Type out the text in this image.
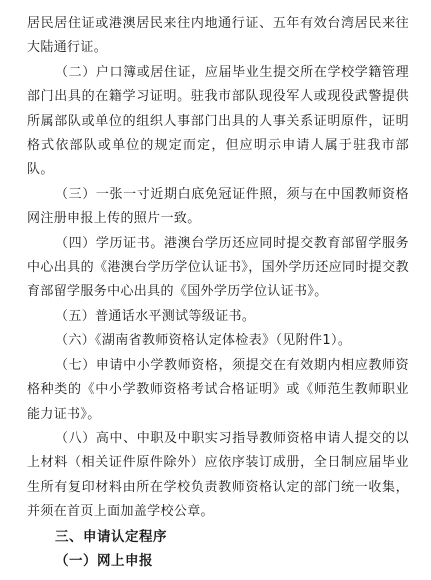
居民居住证或港澳居民来往内地通行证、五年有效台湾居民来往大陆通行证。

（二）户口簿或居住证，应届毕业生提交所在学校学籍管理部门出具的在籍学习证明。驻我市部队现役军人或现役武警提供所属部队或单位的组织人事部门出具的人事关系证明原件，证明格式依部队或单位的规定而定，但应明示申请人属于驻我市部队。

（三）一张一寸近期白底免冠证件照，须与在中国教师资格网注册申报上传的照片一致。

（四）学历证书。港澳台学历还应同时提交教育部留学服务中心出具的《港澳台学历学位认证书》，国外学历还应同时提交教育部留学服务中心出具的《国外学历学位认证书》。

（五）普通话水平测试等级证书。

（六）《湖南省教师资格认定体检表》（见附件1）。

（七）申请中小学教师资格，须提交在有效期内相应教师资格种类的《中小学教师资格考试合格证明》或《师范生教师职业能力证书》。

（八）高中、中职及中职实习指导教师资格申请人提交的以上材料（相关证件原件除外）应依序装订成册，全日制应届毕业生所有复印材料由所在学校负责教师资格认定的部门统一收集，并须在首页上面加盖学校公章。

三、申请认定程序

（一）网上申报
